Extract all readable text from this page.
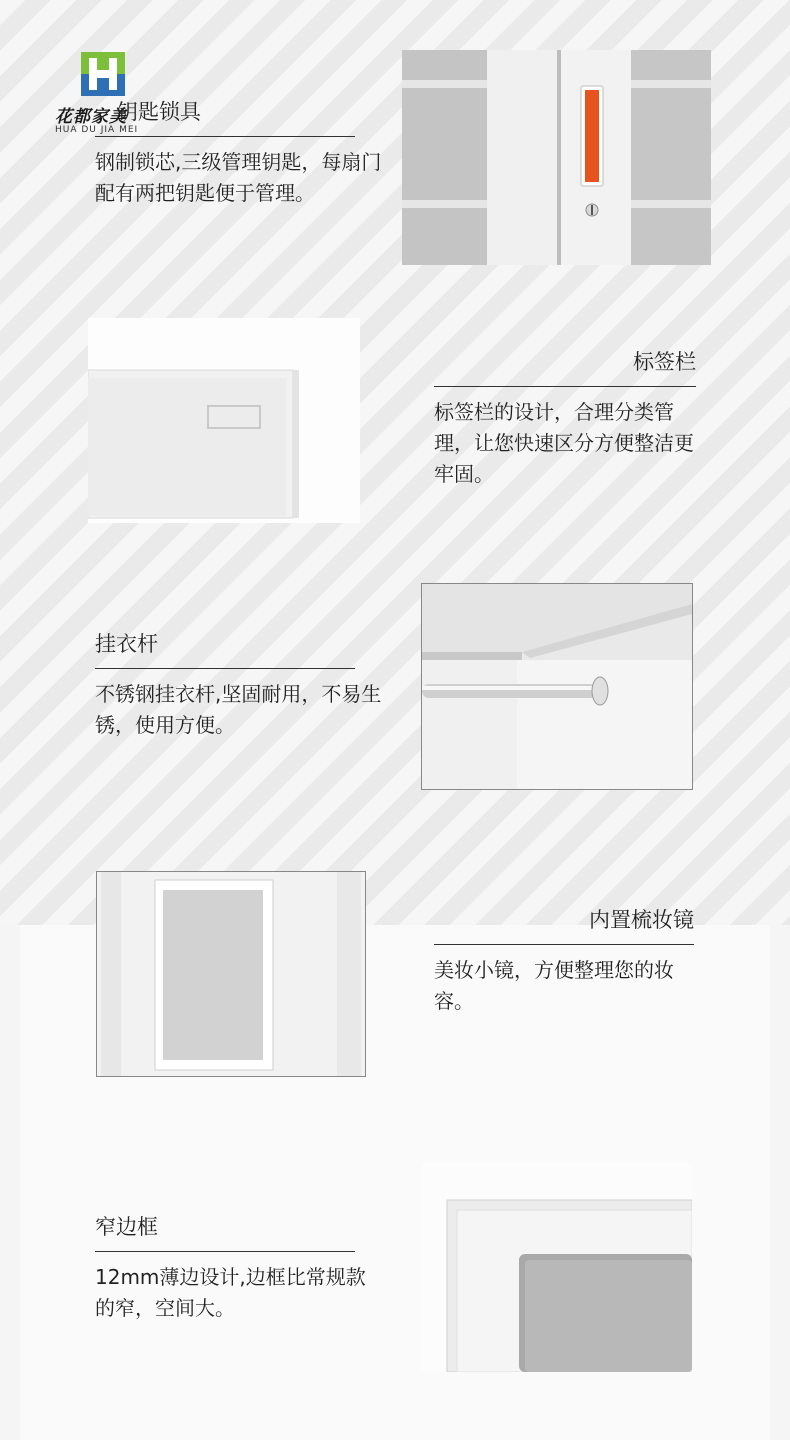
花都家美
HUA DU JIA MEI
钥匙锁具
钢制锁芯,三级管理钥匙，每扇门配有两把钥匙便于管理。
标签栏
标签栏的设计，合理分类管理，让您快速区分方便整洁更牢固。
挂衣杆
不锈钢挂衣杆,坚固耐用，不易生锈，使用方便。
内置梳妆镜
美妆小镜，方便整理您的妆容。
窄边框
12mm薄边设计,边框比常规款的窄，空间大。
